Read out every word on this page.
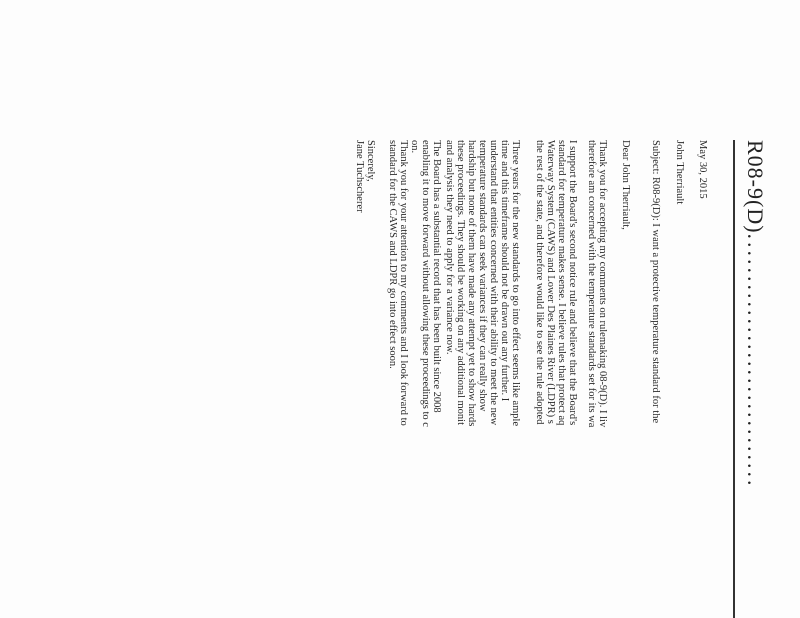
R08-9(D)..............................
May 30, 2015
John Therriault
Subject: R08-9(D): I want a protective temperature standard for the
Dear John Therriault,
Thank you for accepting my comments on rulemaking 08-9(D). I liv
therefore am concerned with the temperature standards set for its wa
I support the Board's second notice rule and believe that the Board's
standard for temperature makes sense. I believe rules that protect aq
Waterway System (CAWS) and Lower Des Plaines River (LDPR) s
the rest of the state, and therefore would like to see the rule adopted
Three years for the new standards to go into effect seems like ample
time and this timeframe should not be drawn out any further. I
understand that entities concerned with their ability to meet the new
temperature standards can seek variances if they can really show
hardship but none of them have made any attempt yet to show hards
these proceedings. They should be working on any additional monit
and analysis they need to apply for a variance now.
The Board has a substantial record that has been built since 2008
enabling it to move forward without allowing these proceedings to c
on.
Thank you for your attention to my comments and I look forward to
standard for the CAWS and LDPR go into effect soon.
Sincerely,
Jane Tuchscherer
